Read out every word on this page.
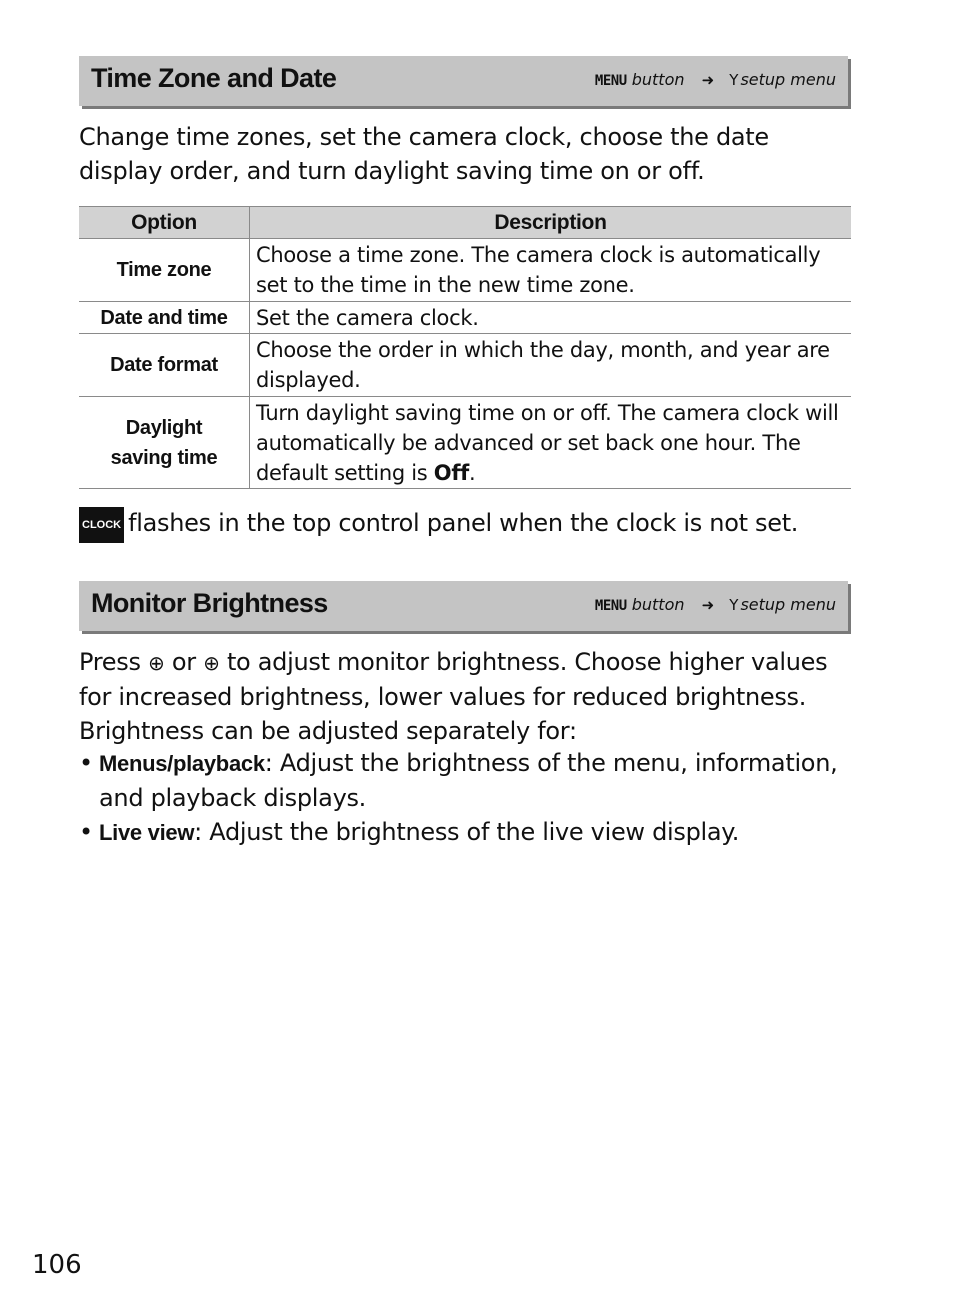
Time Zone and Date	MENU button ➜ Y setup menu
Change time zones, set the camera clock, choose the date display order, and turn daylight saving time on or off.
Option	Description
Time zone	Choose a time zone. The camera clock is automatically set to the time in the new time zone.
Date and time	Set the camera clock.
Date format	Choose the order in which the day, month, and year are displayed.
Daylight saving time	Turn daylight saving time on or off. The camera clock will automatically be advanced or set back one hour. The default setting is Off.
CLOCK flashes in the top control panel when the clock is not set.
Monitor Brightness	MENU button ➜ Y setup menu
Press ⊕ or ⊕ to adjust monitor brightness. Choose higher values for increased brightness, lower values for reduced brightness. Brightness can be adjusted separately for:
• Menus/playback: Adjust the brightness of the menu, information, and playback displays.
• Live view: Adjust the brightness of the live view display.
106
